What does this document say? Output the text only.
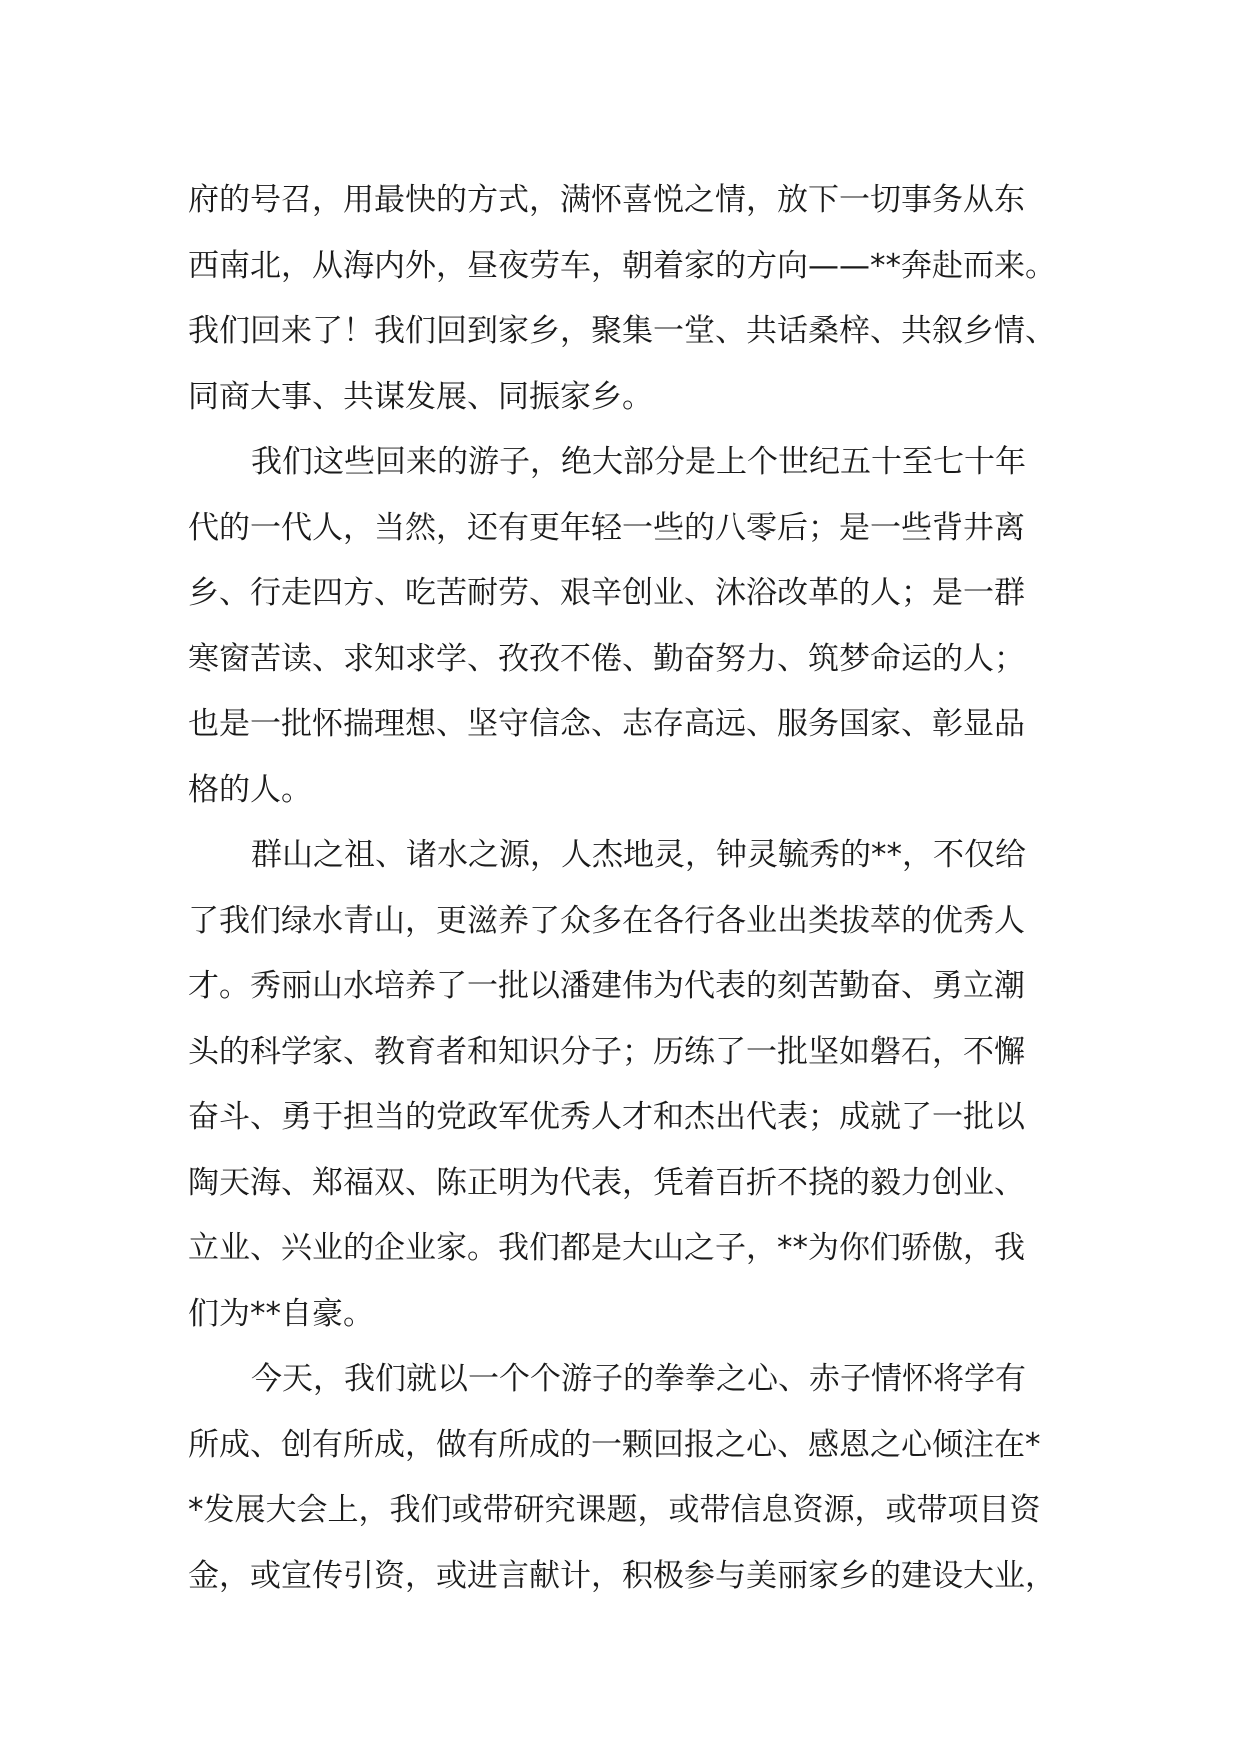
府的号召，用最快的方式，满怀喜悦之情，放下一切事务从东
西南北，从海内外，昼夜劳车，朝着家的方向——**奔赴而来。
我们回来了！我们回到家乡，聚集一堂、共话桑梓、共叙乡情、
同商大事、共谋发展、同振家乡。
我们这些回来的游子，绝大部分是上个世纪五十至七十年
代的一代人，当然，还有更年轻一些的八零后；是一些背井离
乡、行走四方、吃苦耐劳、艰辛创业、沐浴改革的人；是一群
寒窗苦读、求知求学、孜孜不倦、勤奋努力、筑梦命运的人；
也是一批怀揣理想、坚守信念、志存高远、服务国家、彰显品
格的人。
群山之祖、诸水之源，人杰地灵，钟灵毓秀的**，不仅给
了我们绿水青山，更滋养了众多在各行各业出类拔萃的优秀人
才。秀丽山水培养了一批以潘建伟为代表的刻苦勤奋、勇立潮
头的科学家、教育者和知识分子；历练了一批坚如磐石，不懈
奋斗、勇于担当的党政军优秀人才和杰出代表；成就了一批以
陶天海、郑福双、陈正明为代表，凭着百折不挠的毅力创业、
立业、兴业的企业家。我们都是大山之子，**为你们骄傲，我
们为**自豪。
今天，我们就以一个个游子的拳拳之心、赤子情怀将学有
所成、创有所成，做有所成的一颗回报之心、感恩之心倾注在*
*发展大会上，我们或带研究课题，或带信息资源，或带项目资
金，或宣传引资，或进言献计，积极参与美丽家乡的建设大业，
